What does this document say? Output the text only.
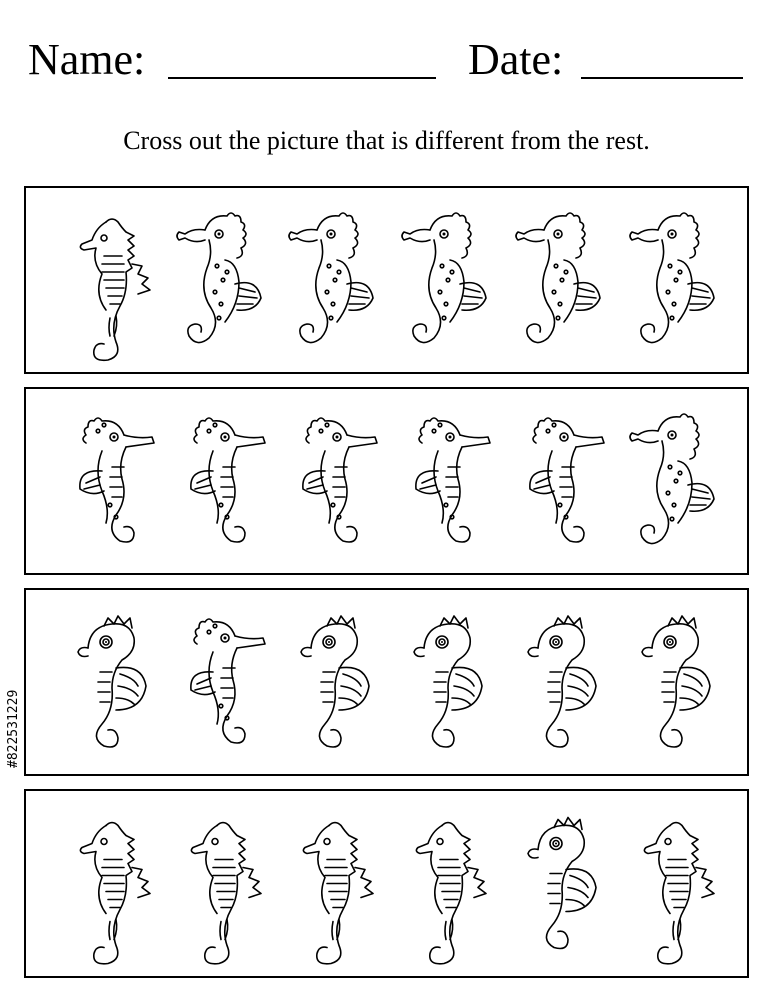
Name:	Date:
Cross out the picture that is different from the rest.
#822531229
